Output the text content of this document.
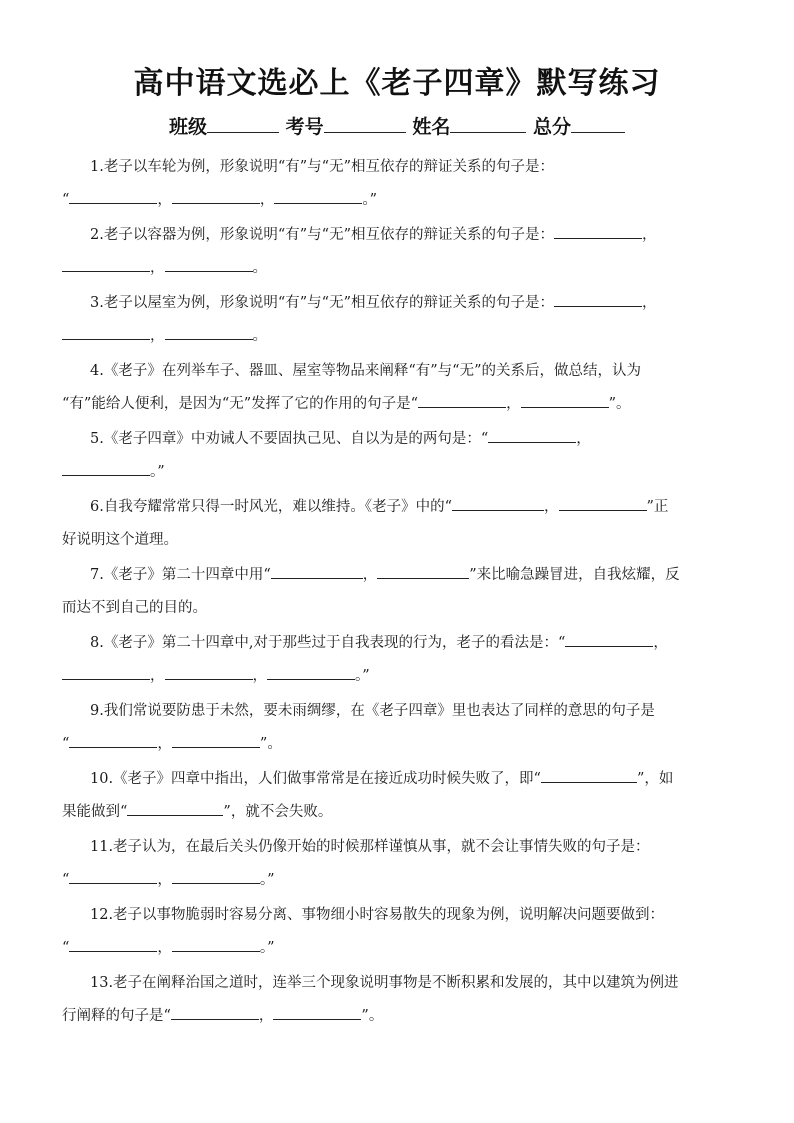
高中语文选必上《老子四章》默写练习
班级	考号	姓名	总分
1.老子以车轮为例，形象说明“有”与“无”相互依存的辩证关系的句子是：
“	，	，	。”
2.老子以容器为例，形象说明“有”与“无”相互依存的辩证关系的句子是：	，
，	。
3.老子以屋室为例，形象说明“有”与“无”相互依存的辩证关系的句子是：	，
，	。
4.《老子》在列举车子、器皿、屋室等物品来阐释“有”与“无”的关系后，做总结，认为
“有”能给人便利，是因为“无”发挥了它的作用的句子是“	，	”。
5.《老子四章》中劝诫人不要固执己见、自以为是的两句是：“	，
。”
6.自我夸耀常常只得一时风光，难以维持。《老子》中的“	，	”正
好说明这个道理。
7.《老子》第二十四章中用“	，	”来比喻急躁冒进，自我炫耀，反
而达不到自己的目的。
8.《老子》第二十四章中,对于那些过于自我表现的行为，老子的看法是：“	，
，	，	。”
9.我们常说要防患于未然，要未雨绸缪，在《老子四章》里也表达了同样的意思的句子是
“	，	”。
10.《老子》四章中指出，人们做事常常是在接近成功时候失败了，即“	”，如
果能做到“	”，就不会失败。
11.老子认为，在最后关头仍像开始的时候那样谨慎从事，就不会让事情失败的句子是：
“	，	。”
12.老子以事物脆弱时容易分离、事物细小时容易散失的现象为例，说明解决问题要做到：
“	，	。”
13.老子在阐释治国之道时，连举三个现象说明事物是不断积累和发展的，其中以建筑为例进
行阐释的句子是“	，	”。
